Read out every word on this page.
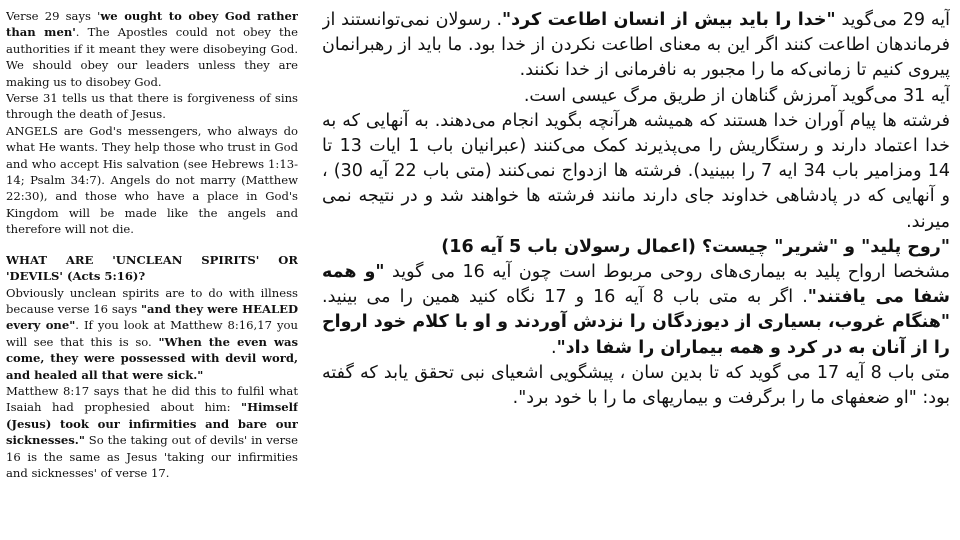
Verse 29 says 'we ought to obey God rather than men'. The Apostles could not obey the authorities if it meant they were disobeying God. We should obey our leaders unless they are making us to disobey God.

Verse 31 tells us that there is forgiveness of sins through the death of Jesus.

ANGELS are God's messengers, who always do what He wants. They help those who trust in God and who accept His salvation (see Hebrews 1:13-14; Psalm 34:7). Angels do not marry (Matthew 22:30), and those who have a place in God's Kingdom will be made like the angels and therefore will not die.

WHAT ARE 'UNCLEAN SPIRITS' OR 'DEVILS' (Acts 5:16)?

Obviously unclean spirits are to do with illness because verse 16 says "and they were HEALED every one". If you look at Matthew 8:16,17 you will see that this is so. "When the even was come, they were possessed with devil word, and healed all that were sick."

Matthew 8:17 says that he did this to fulfil what Isaiah had prophesied about him: "Himself (Jesus) took our infirmities and bare our sicknesses." So the taking out of devils' in verse 16 is the same as Jesus 'taking our infirmities and sicknesses' of verse 17.

آیه 29 می‌گوید "خدا را باید بیش از انسان اطاعت کرد". رسولان نمی‌توانستند از فرماندهان اطاعت کنند اگر این به معنای اطاعت نکردن از خدا بود. ما باید از رهبرانمان پیروی کنیم تا زمانی‌که ما را مجبور به نافرمانی از خدا نکنند.

آیه 31 می‌گوید آمرزش گناهان از طریق مرگ عیسی است.

فرشته ها پیام آوران خدا هستند که همیشه هرآنچه بگوید انجام می‌دهند. به آنهایی که به خدا اعتماد دارند و رستگاریش را می‌پذیرند کمک می‌کنند (عبرانیان باب 1 ایات 13 تا 14 ومزامیر باب 34 ایه 7 را ببینید). فرشته ها ازدواج نمی‌کنند (متی باب 22 آیه 30) ، و آنهایی که در پادشاهی خداوند جای دارند مانند فرشته ها خواهند شد و در نتیجه نمی میرند.

"روح پلید" و "شریر" چیست؟ (اعمال رسولان باب 5 آیه 16)

مشخصا ارواح پلید به بیماری‌های روحی مربوط است چون آیه 16 می گوید "و همه شفا می یافتند". اگر به متی باب 8 آیه 16 و 17 نگاه کنید همین را می بینید. "هنگام غروب، بسیاری از دیوزدگان را نزدش آوردند و او با کلام خود ارواح را از آنان به در کرد و همه بیماران را شفا داد".

متی باب 8 آیه 17 می گوید که تا بدین سان ، پیشگویی اشعیای نبی تحقق یابد که گفته بود: "او ضعفهای ما را برگرفت و بیماریهای ما را با خود برد".
